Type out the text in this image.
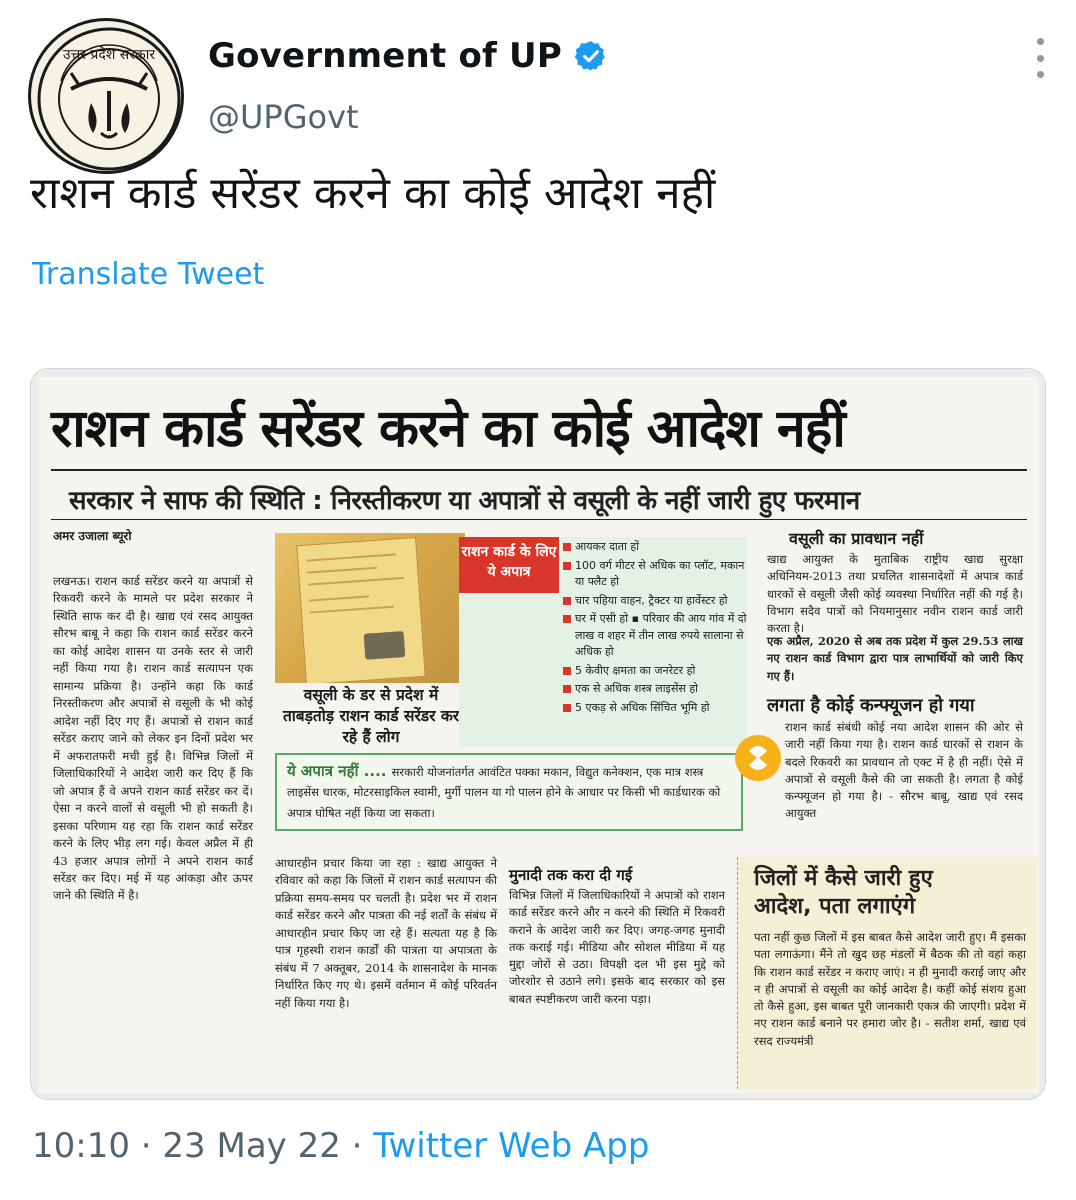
उत्तर प्रदेश सरकार Government of UP
@UPGovt
राशन कार्ड सरेंडर करने का कोई आदेश नहीं
Translate Tweet
राशन कार्ड सरेंडर करने का कोई आदेश नहीं
सरकार ने साफ की स्थिति : निरस्तीकरण या अपात्रों से वसूली के नहीं जारी हुए फरमान
अमर उजाला ब्यूरो
लखनऊ। राशन कार्ड सरेंडर करने या अपात्रों से रिकवरी करने के मामले पर प्रदेश सरकार ने स्थिति साफ कर दी है। खाद्य एवं रसद आयुक्त सौरभ बाबू ने कहा कि राशन कार्ड सरेंडर करने का कोई आदेश शासन या उनके स्तर से जारी नहीं किया गया है। राशन कार्ड सत्यापन एक सामान्य प्रक्रिया है। उन्होंने कहा कि कार्ड निरस्तीकरण और अपात्रों से वसूली के भी कोई आदेश नहीं दिए गए हैं। अपात्रों से राशन कार्ड सरेंडर कराए जाने को लेकर इन दिनों प्रदेश भर में अफरातफरी मची हुई है। विभिन्न जिलों में जिलाधिकारियों ने आदेश जारी कर दिए हैं कि जो अपात्र हैं वे अपने राशन कार्ड सरेंडर कर दें। ऐसा न करने वालों से वसूली भी हो सकती है। इसका परिणाम यह रहा कि राशन कार्ड सरेंडर करने के लिए भीड़ लग गई। केवल अप्रैल में ही 43 हजार अपात्र लोगों ने अपने राशन कार्ड सरेंडर कर दिए। मई में यह आंकड़ा और ऊपर जाने की स्थिति में है।
वसूली के डर से प्रदेश में ताबड़तोड़ राशन कार्ड सरेंडर कर रहे हैं लोग
राशन कार्ड के लिए ये अपात्र
आयकर दाता हों
100 वर्ग मीटर से अधिक का प्लॉट, मकान या फ्लैट हो
चार पहिया वाहन, ट्रैक्टर या हार्वेस्टर हो
घर में एसी हो ▪ परिवार की आय गांव में दो लाख व शहर में तीन लाख रुपये सालाना से अधिक हो
5 केवीए क्षमता का जनरेटर हो
एक से अधिक शस्त्र लाइसेंस हो
5 एकड़ से अधिक सिंचित भूमि हो
ये अपात्र नहीं .... सरकारी योजनांतर्गत आवंटित पक्का मकान, विद्युत कनेक्शन, एक मात्र शस्त्र लाइसेंस धारक, मोटरसाइकिल स्वामी, मुर्गी पालन या गो पालन होने के आधार पर किसी भी कार्डधारक को अपात्र घोषित नहीं किया जा सकता।
आधारहीन प्रचार किया जा रहा : खाद्य आयुक्त ने रविवार को कहा कि जिलों में राशन कार्ड सत्यापन की प्रक्रिया समय-समय पर चलती है। प्रदेश भर में राशन कार्ड सरेंडर करने और पात्रता की नई शर्तों के संबंध में आधारहीन प्रचार किए जा रहे हैं। सत्यता यह है कि पात्र गृहस्थी राशन कार्डों की पात्रता या अपात्रता के संबंध में 7 अक्तूबर, 2014 के शासनादेश के मानक निर्धारित किए गए थे। इसमें वर्तमान में कोई परिवर्तन नहीं किया गया है।
मुनादी तक करा दी गई
विभिन्न जिलों में जिलाधिकारियों ने अपात्रों को राशन कार्ड सरेंडर करने और न करने की स्थिति में रिकवरी कराने के आदेश जारी कर दिए। जगह-जगह मुनादी तक कराई गई। मीडिया और सोशल मीडिया में यह मुद्दा जोरों से उठा। विपक्षी दल भी इस मुद्दे को जोरशोर से उठाने लगे। इसके बाद सरकार को इस बाबत स्पष्टीकरण जारी करना पड़ा।
वसूली का प्रावधान नहीं
खाद्य आयुक्त के मुताबिक राष्ट्रीय खाद्य सुरक्षा अधिनियम-2013 तथा प्रचलित शासनादेशों में अपात्र कार्ड धारकों से वसूली जैसी कोई व्यवस्था निर्धारित नहीं की गई है। विभाग सदैव पात्रों को नियमानुसार नवीन राशन कार्ड जारी करता है।
एक अप्रैल, 2020 से अब तक प्रदेश में कुल 29.53 लाख नए राशन कार्ड विभाग द्वारा पात्र लाभार्थियों को जारी किए गए हैं।
लगता है कोई कन्फ्यूजन हो गया
राशन कार्ड संबंधी कोई नया आदेश शासन की ओर से जारी नहीं किया गया है। राशन कार्ड धारकों से राशन के बदले रिकवरी का प्रावधान तो एक्ट में है ही नहीं। ऐसे में अपात्रों से वसूली कैसे की जा सकती है। लगता है कोई कन्फ्यूजन हो गया है। - सौरभ बाबू, खाद्य एवं रसद आयुक्त
जिलों में कैसे जारी हुए आदेश, पता लगाएंगे
पता नहीं कुछ जिलों में इस बाबत कैसे आदेश जारी हुए। मैं इसका पता लगाऊंगा। मैंने तो खुद छह मंडलों में बैठक की तो वहां कहा कि राशन कार्ड सरेंडर न कराए जाएं। न ही मुनादी कराई जाए और न ही अपात्रों से वसूली का कोई आदेश है। कहीं कोई संशय हुआ तो कैसे हुआ, इस बाबत पूरी जानकारी एकत्र की जाएगी। प्रदेश में नए राशन कार्ड बनाने पर हमारा जोर है। - सतीश शर्मा, खाद्य एवं रसद राज्यमंत्री
10:10 · 23 May 22 · Twitter Web App
